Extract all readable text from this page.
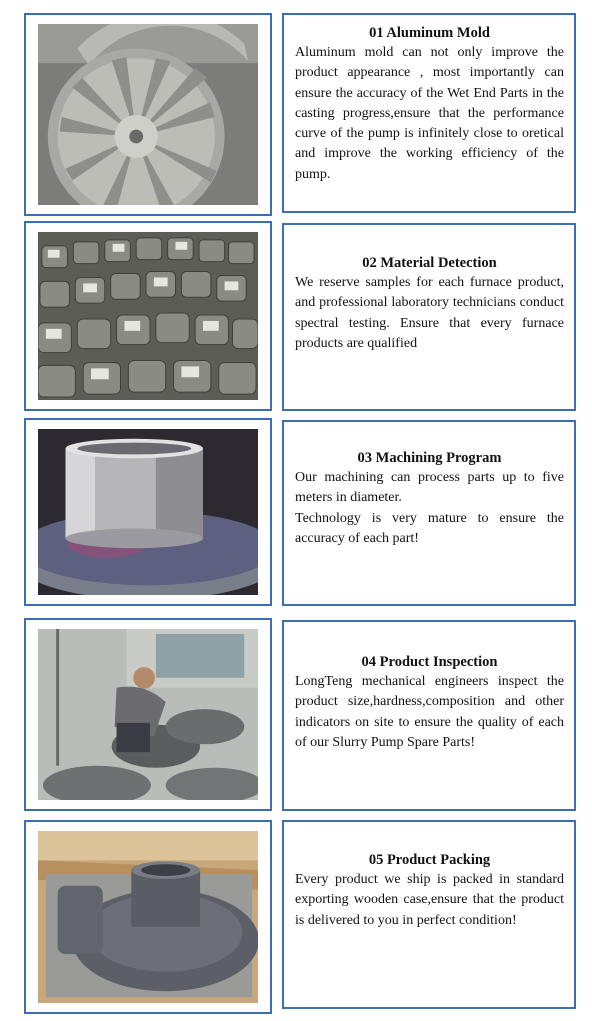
01 Aluminum Mold

Aluminum mold can not only improve the product appearance , most importantly can ensure the accuracy of the Wet End Parts in the casting progress,ensure that the performance curve of the pump is infinitely close to oretical and improve the working efficiency of the pump.

02 Material Detection

We reserve samples for each furnace product, and professional laboratory technicians conduct spectral testing. Ensure that every furnace products are qualified

03 Machining Program

Our machining can process parts up to five meters in diameter.

Technology is very mature to ensure the accuracy of each part!

04 Product Inspection

LongTeng mechanical engineers inspect the product size,hardness,composition and other indicators on site to ensure the quality of each of our Slurry Pump Spare Parts!

05 Product Packing

Every product we ship is packed in standard exporting wooden case,ensure that the product is delivered to you in perfect condition!
